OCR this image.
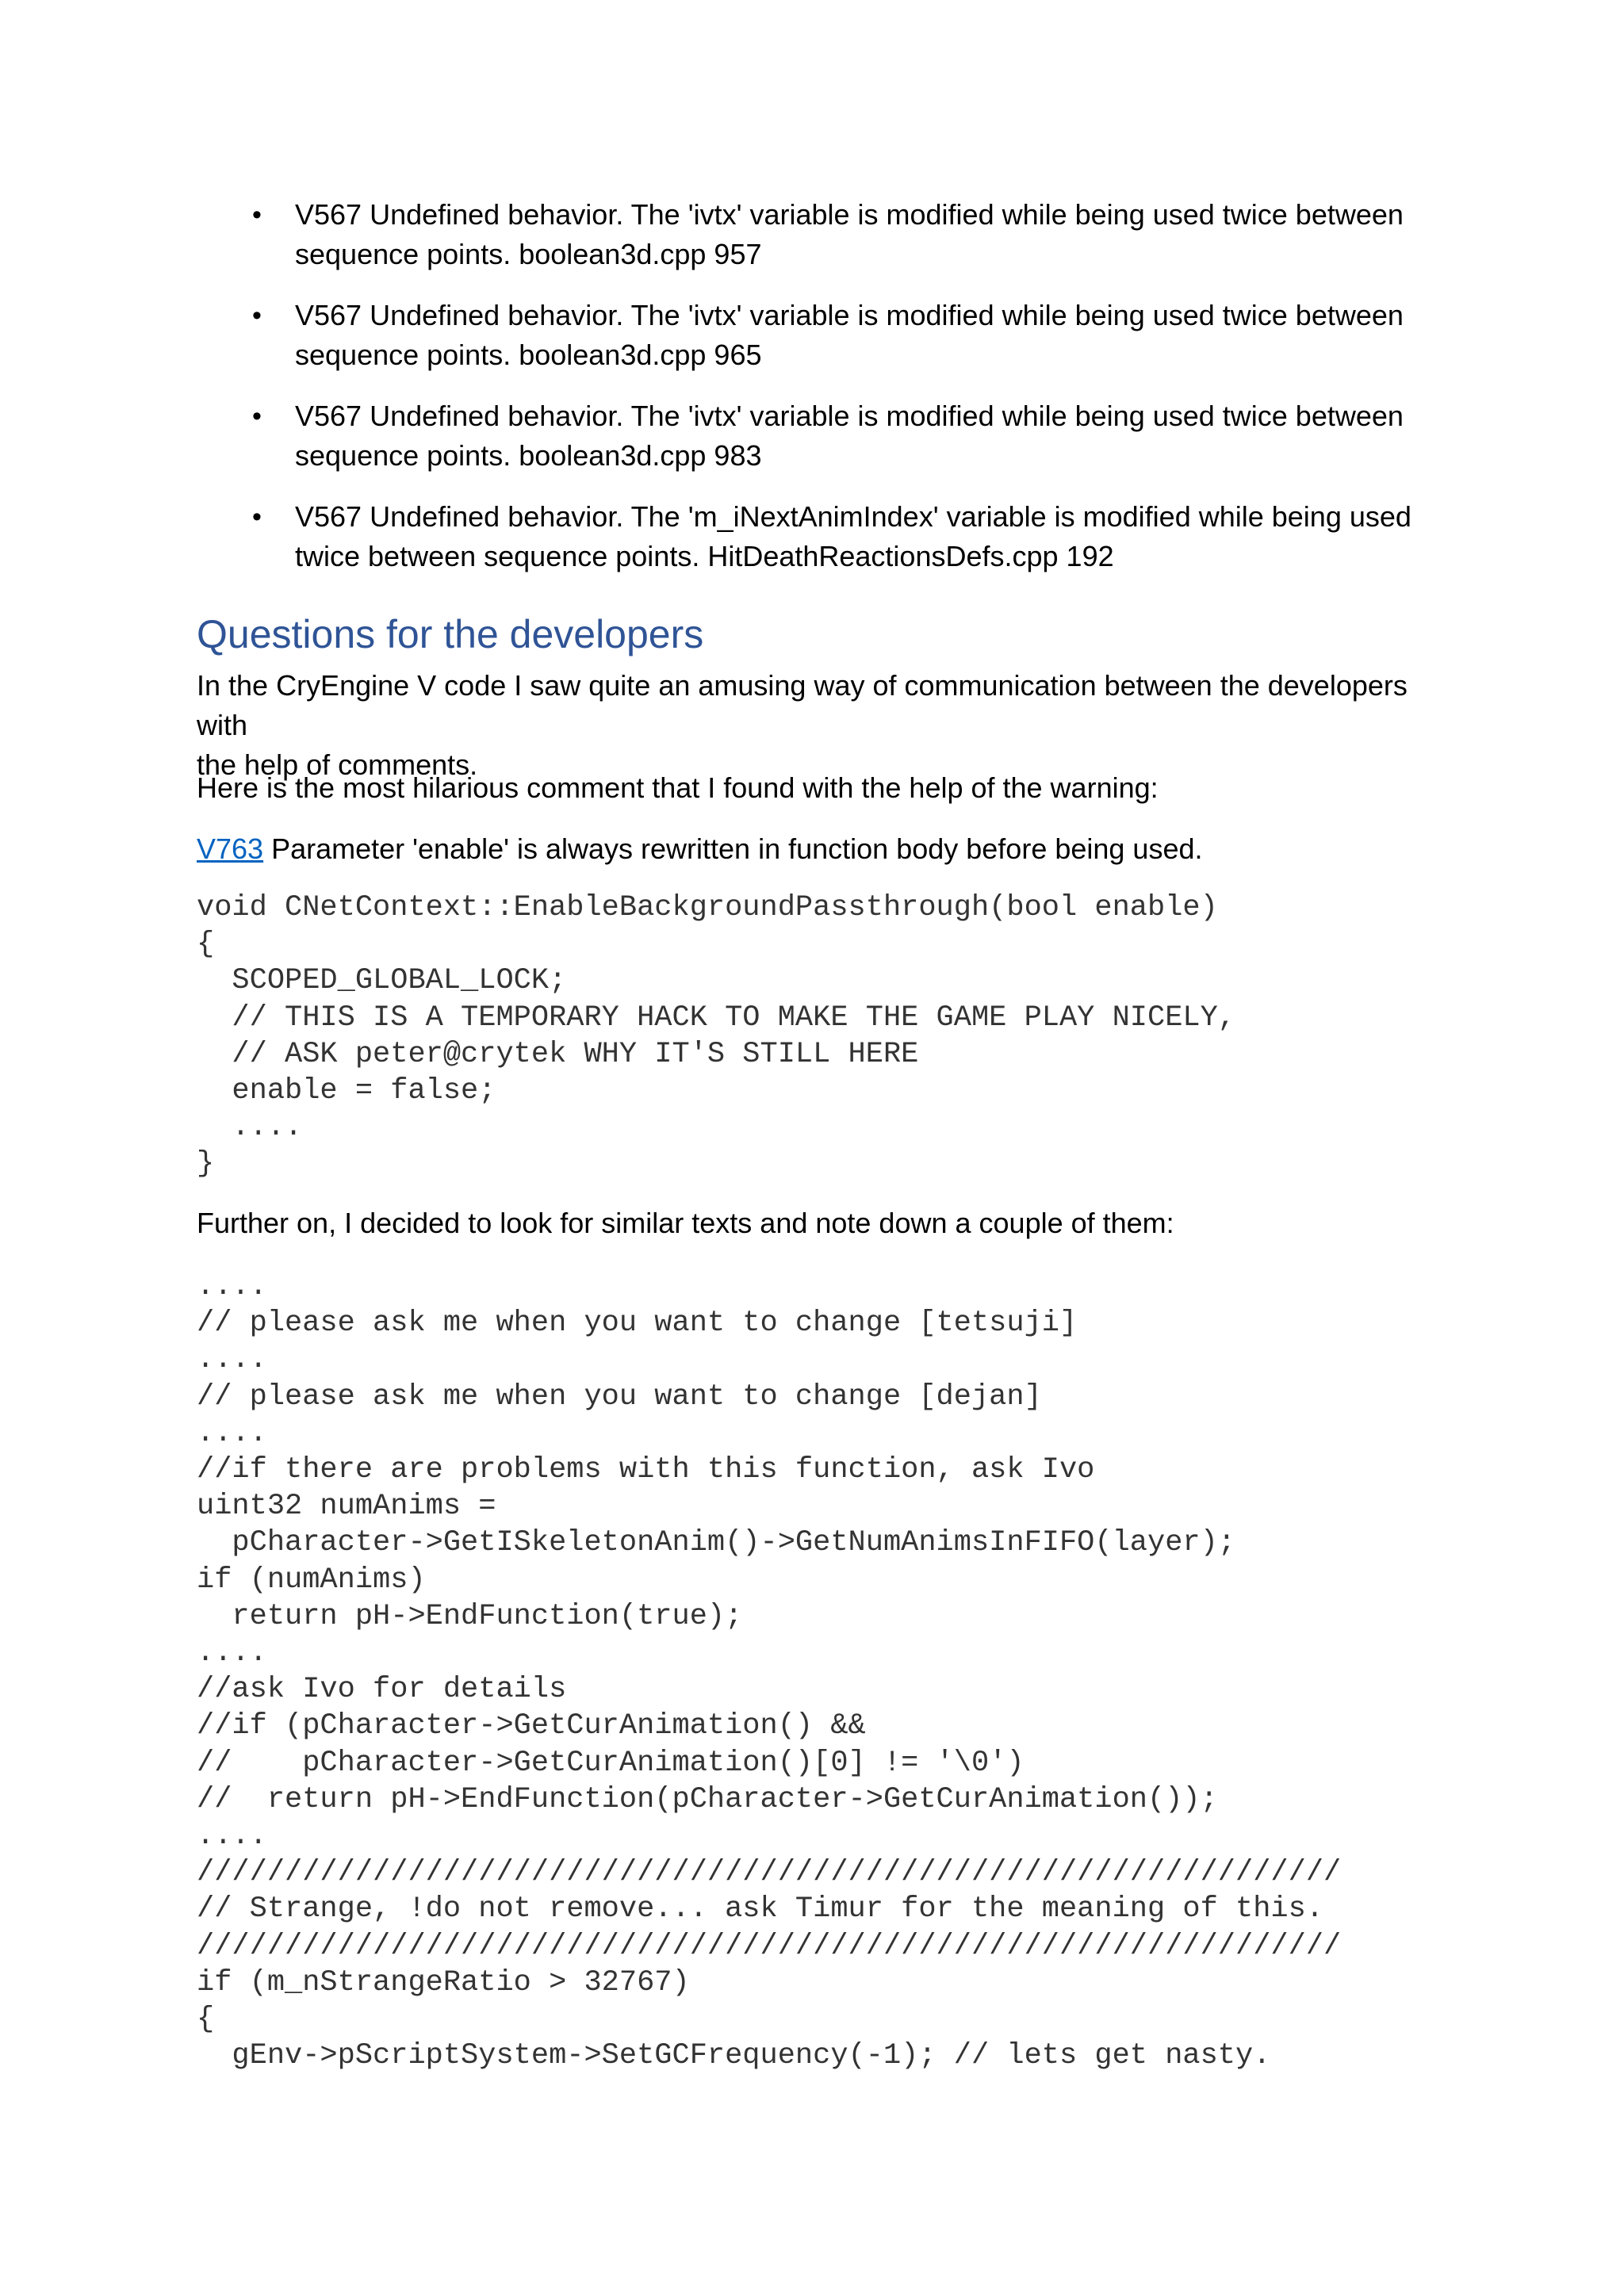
• V567 Undefined behavior. The 'ivtx' variable is modified while being used twice between
sequence points. boolean3d.cpp 957
• V567 Undefined behavior. The 'ivtx' variable is modified while being used twice between
sequence points. boolean3d.cpp 965
• V567 Undefined behavior. The 'ivtx' variable is modified while being used twice between
sequence points. boolean3d.cpp 983
• V567 Undefined behavior. The 'm_iNextAnimIndex' variable is modified while being used
twice between sequence points. HitDeathReactionsDefs.cpp 192
Questions for the developers

In the CryEngine V code I saw quite an amusing way of communication between the developers with
the help of comments.

Here is the most hilarious comment that I found with the help of the warning:

V763 Parameter 'enable' is always rewritten in function body before being used.

void CNetContext::EnableBackgroundPassthrough(bool enable)
{
SCOPED_GLOBAL_LOCK;
// THIS IS A TEMPORARY HACK TO MAKE THE GAME PLAY NICELY,
// ASK peter@crytek WHY IT'S STILL HERE
enable = false;
....
}

Further on, I decided to look for similar texts and note down a couple of them:

....
// please ask me when you want to change [tetsuji]
....
// please ask me when you want to change [dejan]
....
//if there are problems with this function, ask Ivo
uint32 numAnims =
pCharacter->GetISkeletonAnim()->GetNumAnimsInFIFO(layer);
if (numAnims)
return pH->EndFunction(true);
....
//ask Ivo for details
//if (pCharacter->GetCurAnimation() &&
//    pCharacter->GetCurAnimation()[0] != '\0')
//  return pH->EndFunction(pCharacter->GetCurAnimation());
....
/////////////////////////////////////////////////////////////////
// Strange, !do not remove... ask Timur for the meaning of this.
/////////////////////////////////////////////////////////////////
if (m_nStrangeRatio > 32767)
{
gEnv->pScriptSystem->SetGCFrequency(-1); // lets get nasty.
